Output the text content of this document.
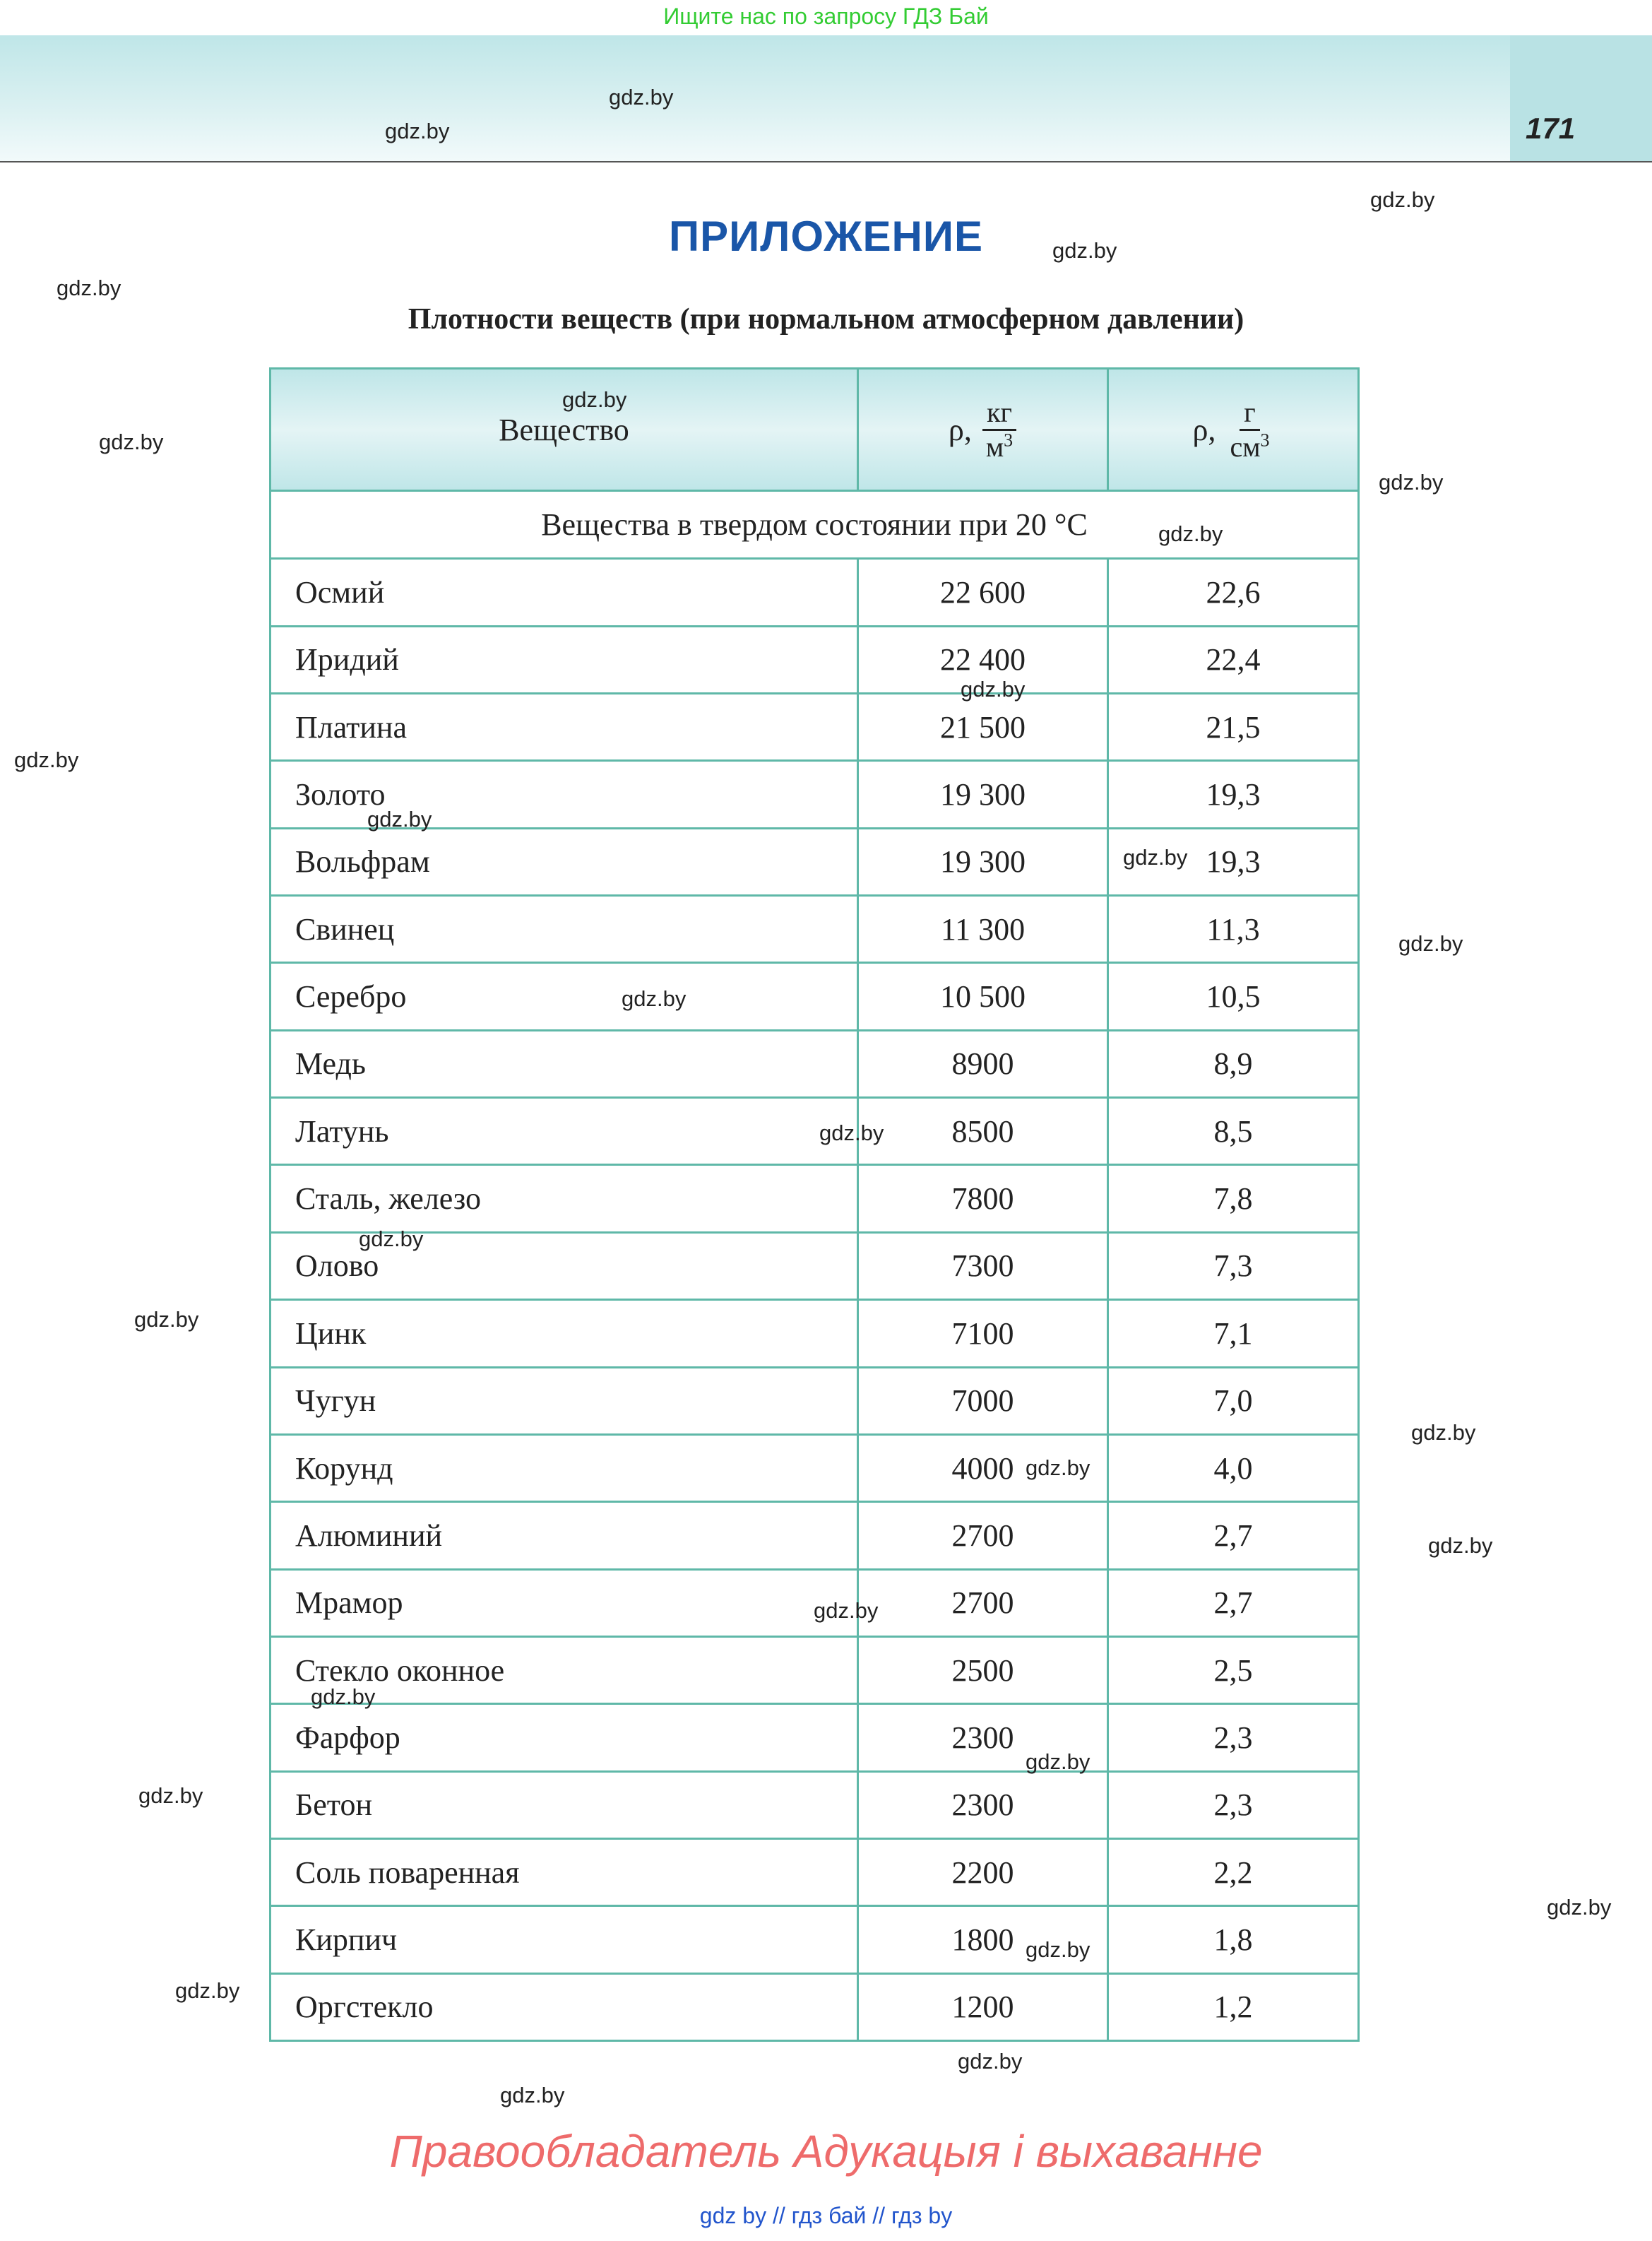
Ищите нас по запросу ГДЗ Бай
171
ПРИЛОЖЕНИЕ
Плотности веществ (при нормальном атмосферном давлении)
Вещество	ρ, $\frac{кг}{м^3}$	ρ, $\frac{г}{см^3}$

Вещества в твердом состоянии при 20 °С		
Осмий	22 600	22,6
Иридий	22 400	22,4
Платина	21 500	21,5
Золото	19 300	19,3
Вольфрам	19 300	19,3
Свинец	11 300	11,3
Серебро	10 500	10,5
Медь	8900	8,9
Латунь	8500	8,5
Сталь, железо	7800	7,8
Олово	7300	7,3
Цинк	7100	7,1
Чугун	7000	7,0
Корунд	4000	4,0
Алюминий	2700	2,7
Мрамор	2700	2,7
Стекло оконное	2500	2,5
Фарфор	2300	2,3
Бетон	2300	2,3
Соль поваренная	2200	2,2
Кирпич	1800	1,8
Оргстекло	1200	1,2
gdz.by
gdz.by
gdz.by
gdz.by
gdz.by
gdz.by
gdz.by
gdz.by
gdz.by
gdz.by
gdz.by
gdz.by
gdz.by
gdz.by
gdz.by
gdz.by
gdz.by
gdz.by
gdz.by
gdz.by
gdz.by
gdz.by
gdz.by
gdz.by
gdz.by
gdz.by
gdz.by
gdz.by
gdz.by
gdz.by
Правообладатель Адукацыя і выхаванне
gdz by // гдз бай // гдз by
